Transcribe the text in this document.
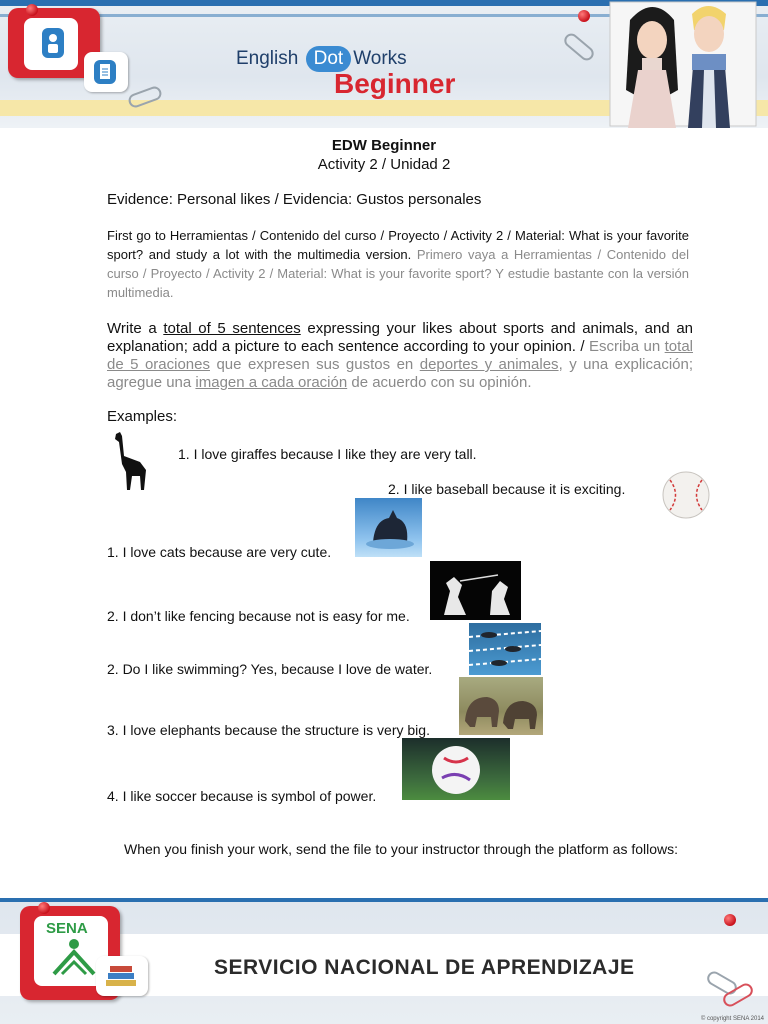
English Dot Works
Beginner
EDW Beginner
Activity 2 / Unidad 2
Evidence: Personal likes / Evidencia: Gustos personales
First go to Herramientas / Contenido del curso / Proyecto / Activity 2 / Material: What is your favorite sport? and study a lot with the multimedia version. Primero vaya a Herramientas / Contenido del curso / Proyecto / Activity 2 / Material: What is your favorite sport? Y estudie bastante con la versión multimedia.
Write a total of 5 sentences expressing your likes about sports and animals, and an explanation; add a picture to each sentence according to your opinion. / Escriba un total de 5 oraciones que expresen sus gustos en deportes y animales, y una explicación; agregue una imagen a cada oración de acuerdo con su opinión.
Examples:
1. I love giraffes because I like they are very tall.
2. I like baseball because it is exciting.
1. I love cats because are very cute.
2. I don’t like fencing because not is easy for me.
2. Do I like swimming? Yes, because I love de water.
3. I love elephants because the structure is very big.
4. I like soccer because is symbol of power.
When you finish your work, send the file to your instructor through the platform as follows:
SENA
SERVICIO NACIONAL DE APRENDIZAJE
© copyright SENA 2014
